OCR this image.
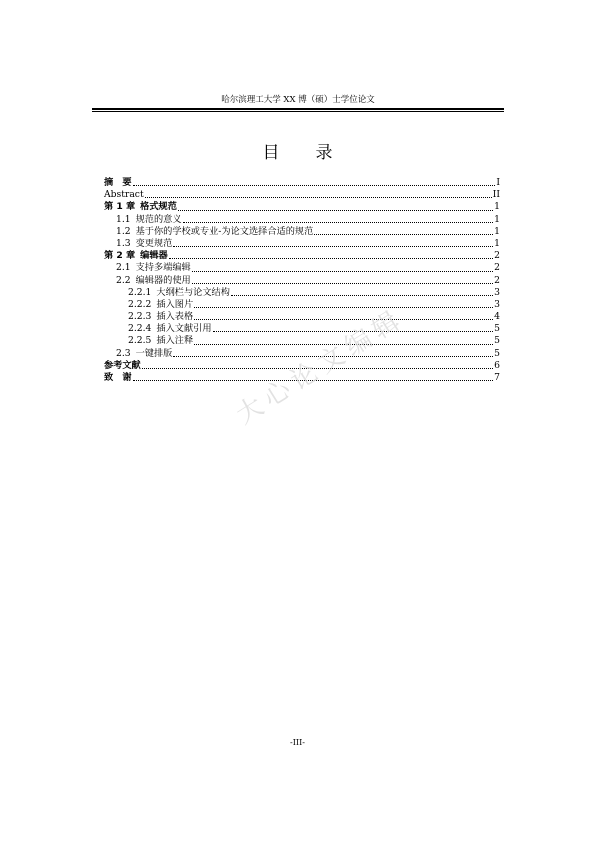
哈尔滨理工大学 XX 博（硕）士学位论文
目 录
摘　要	I
Abstract	II
第 1 章 格式规范	1
1.1 规范的意义	1
1.2 基于你的学校或专业-为论文选择合适的规范	1
1.3 变更规范	1
第 2 章 编辑器	2
2.1 支持多端编辑	2
2.2 编辑器的使用	2
2.2.1 大纲栏与论文结构	3
2.2.2 插入图片	3
2.2.3 插入表格	4
2.2.4 插入文献引用	5
2.2.5 插入注释	5
2.3 一键排版	5
参考文献	6
致　谢	7
大心论文编辑
-III-
